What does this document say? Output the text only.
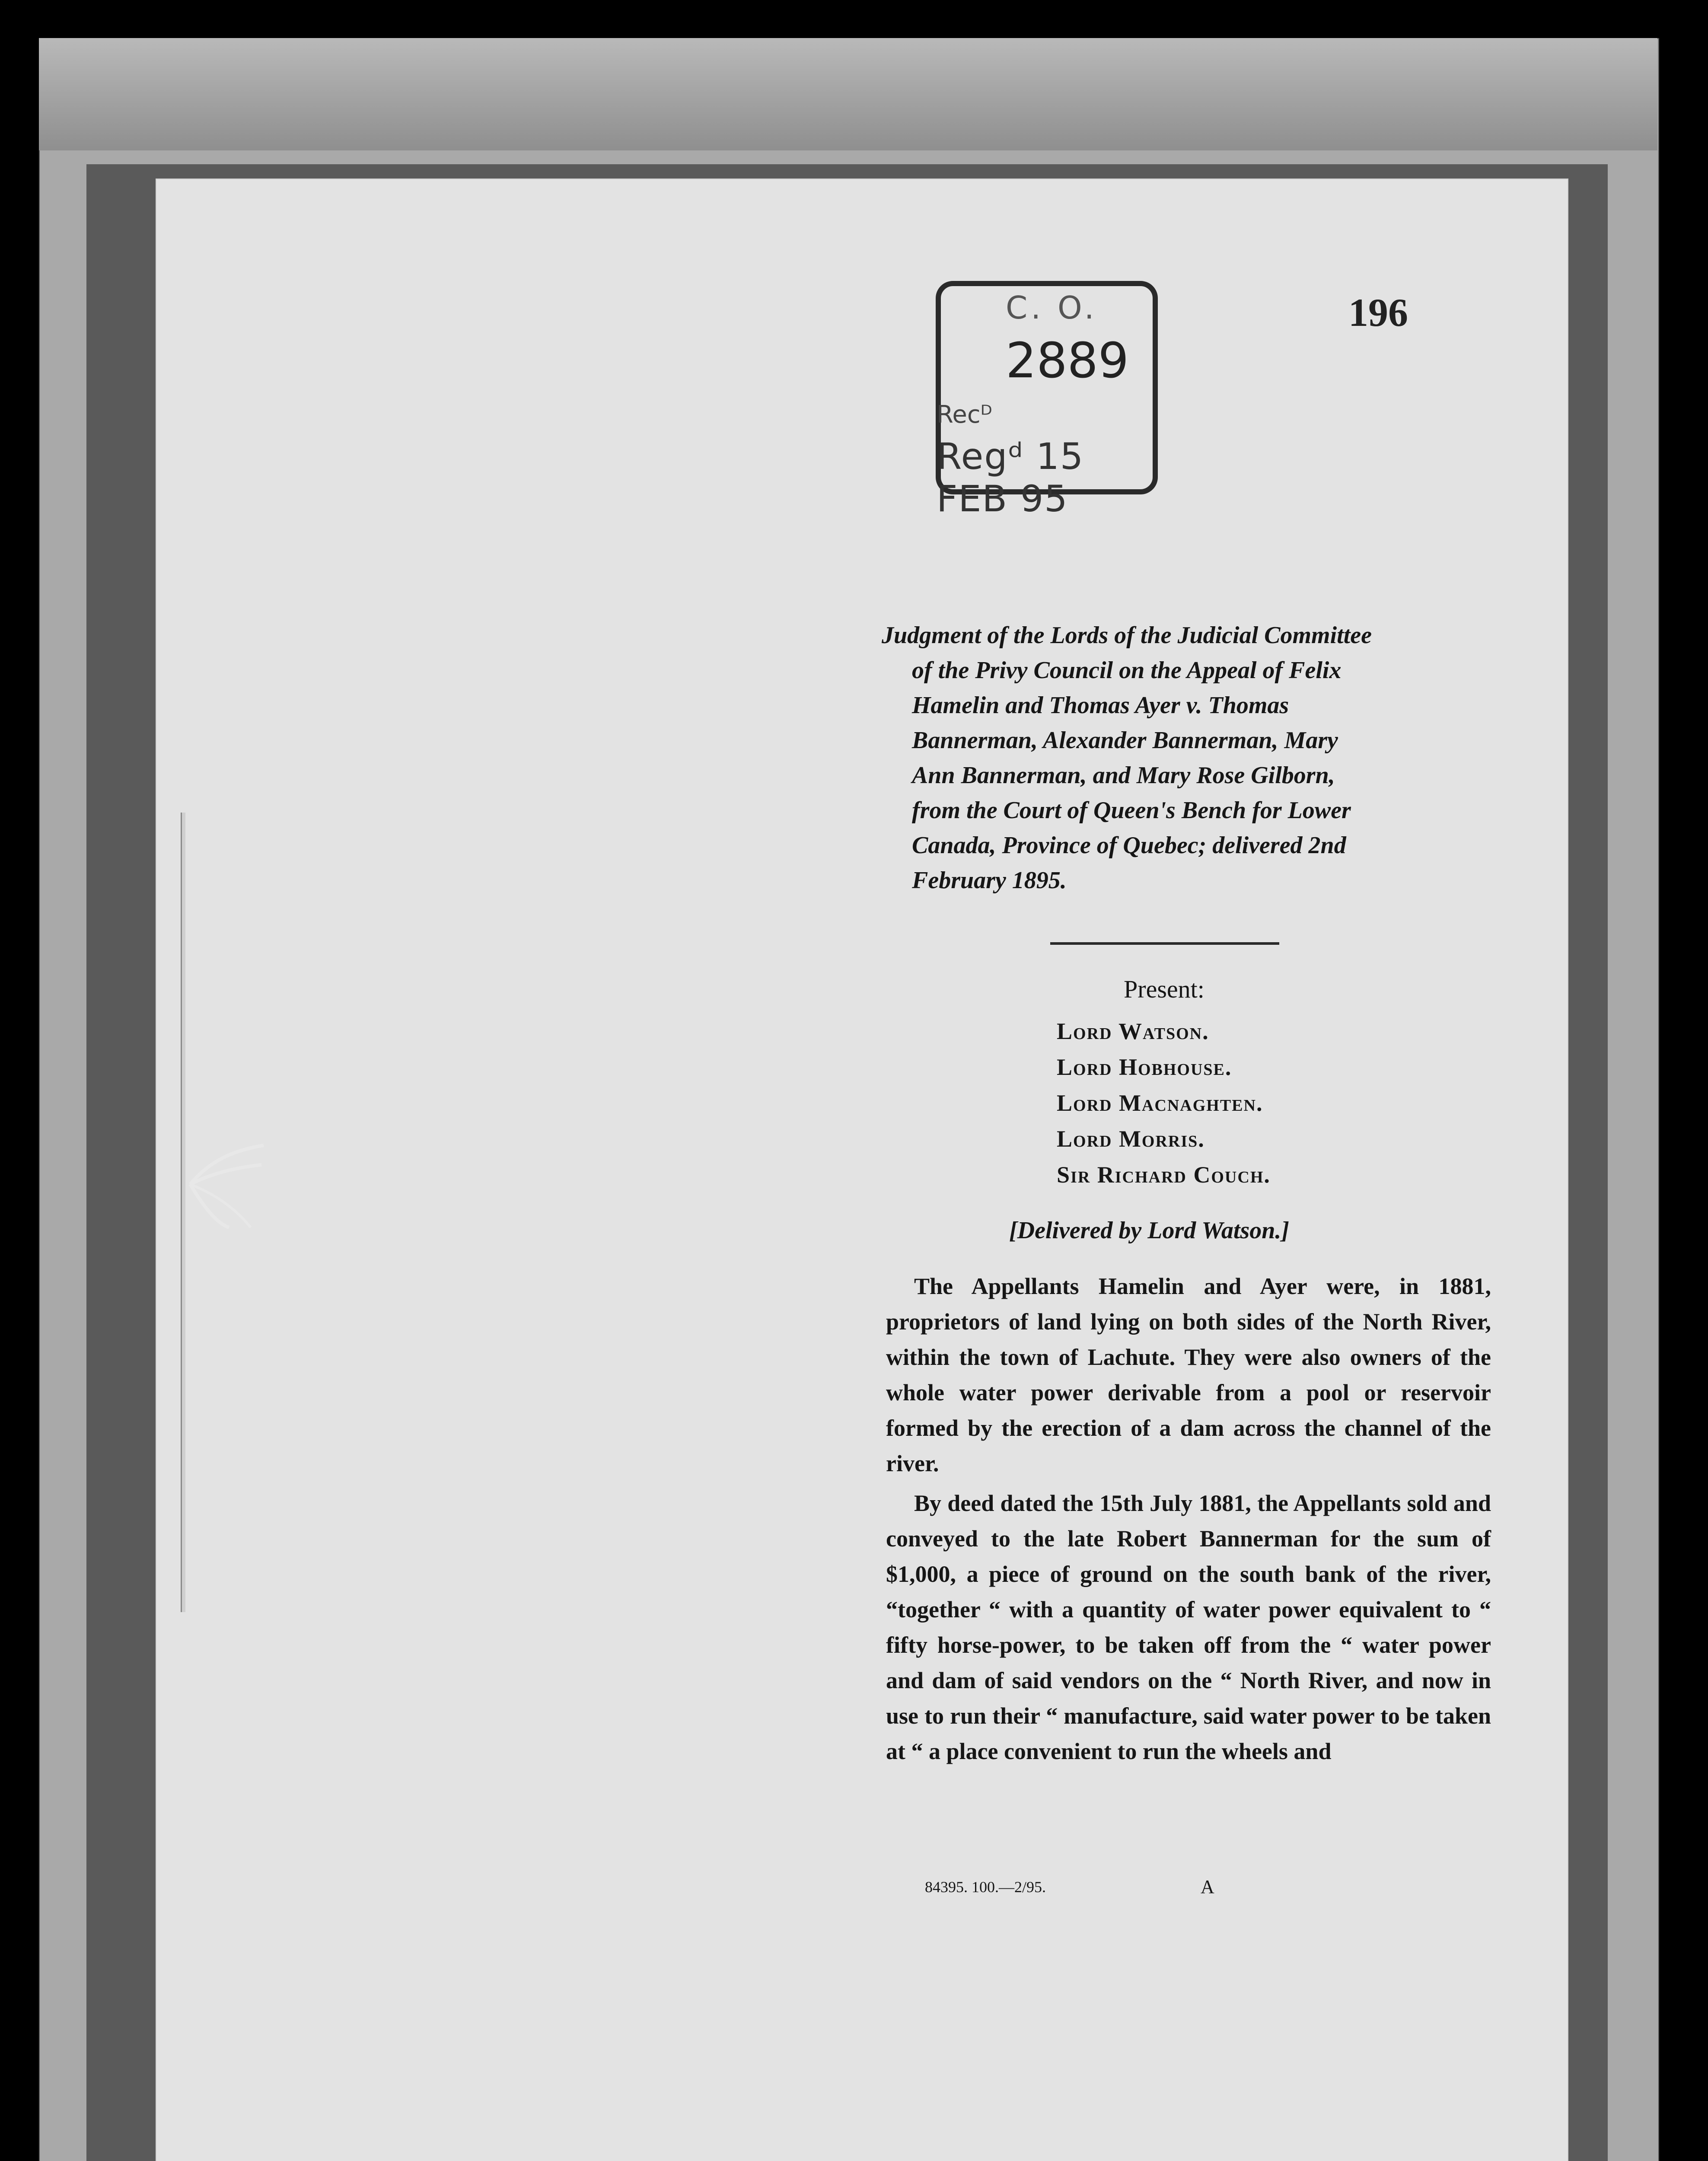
C. O.
2889
Recᴰ
Regᵈ 15 FEB 95
196
Judgment of the Lords of the Judicial Committee
of the Privy Council on the Appeal of Felix
Hamelin and Thomas Ayer v. Thomas
Bannerman, Alexander Bannerman, Mary
Ann Bannerman, and Mary Rose Gilborn,
from the Court of Queen's Bench for Lower
Canada, Province of Quebec; delivered 2nd
February 1895.
Present:
Lord Watson.
Lord Hobhouse.
Lord Macnaghten.
Lord Morris.
Sir Richard Couch.
[Delivered by Lord Watson.]

The Appellants Hamelin and Ayer were, in 1881, proprietors of land lying on both sides of the North River, within the town of Lachute. They were also owners of the whole water power derivable from a pool or reservoir formed by the erection of a dam across the channel of the river.

By deed dated the 15th July 1881, the Appellants sold and conveyed to the late Robert Bannerman for the sum of $1,000, a piece of ground on the south bank of the river, “together “ with a quantity of water power equivalent to “ fifty horse-power, to be taken off from the “ water power and dam of said vendors on the “ North River, and now in use to run their “ manufacture, said water power to be taken at “ a place convenient to run the wheels and

84395. 100.—2/95.	A
